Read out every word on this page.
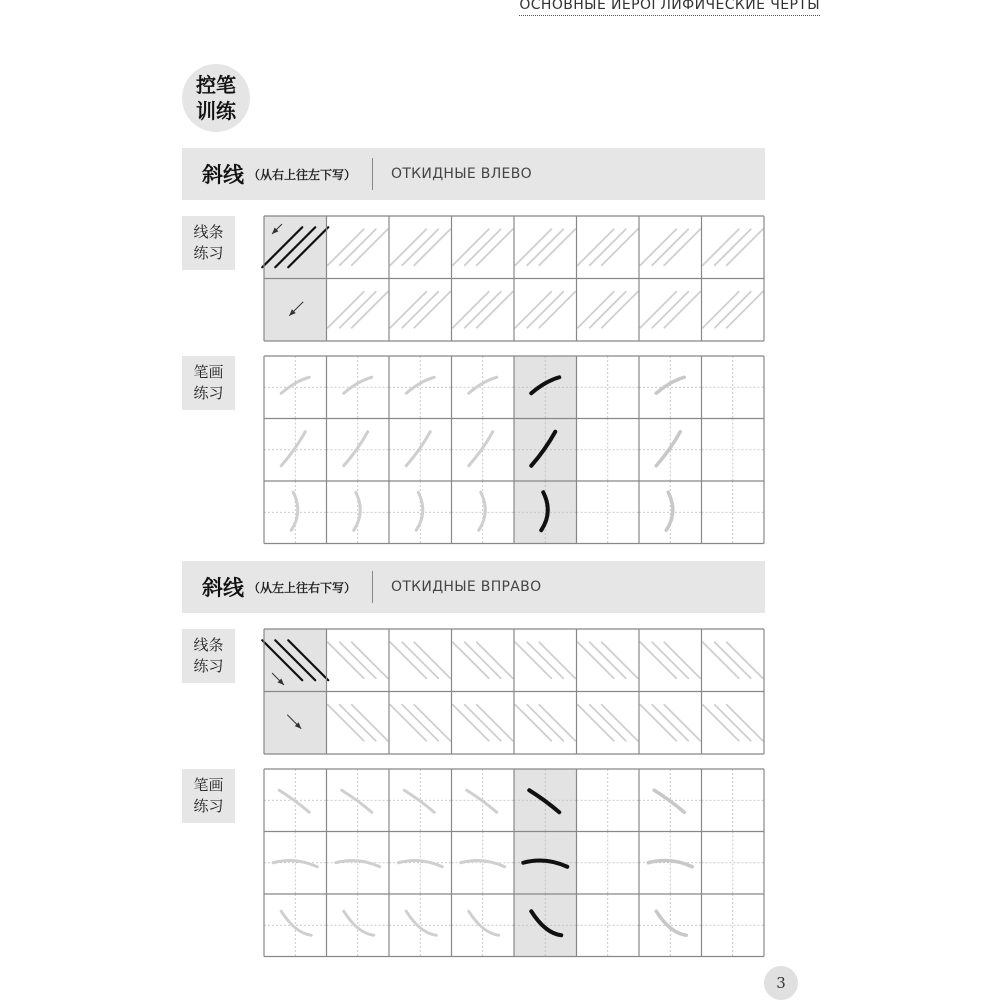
ОСНОВНЫЕ ИЕРОГЛИФИЧЕСКИЕ ЧЕРТЫ
控笔
训练
斜线 （从右上往左下写）	ОТКИДНЫЕ ВЛЕВО
线条
练习
笔画
练习
斜线 （从左上往右下写）	ОТКИДНЫЕ ВПРАВО
线条
练习
笔画
练习
3
